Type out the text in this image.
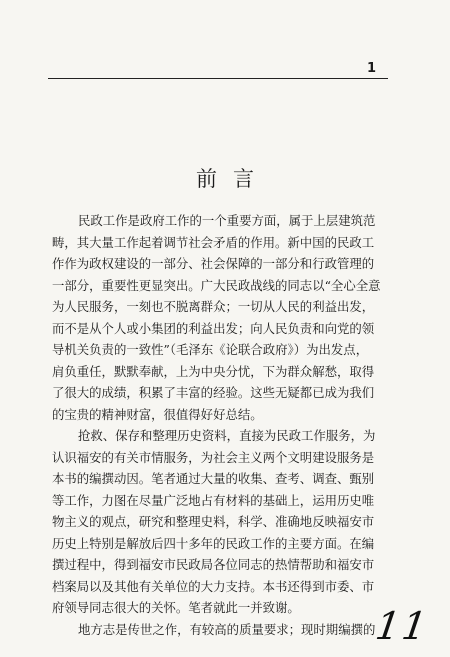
1
前言
民政工作是政府工作的一个重要方面，属于上层建筑范
畴，其大量工作起着调节社会矛盾的作用。新中国的民政工
作作为政权建设的一部分、社会保障的一部分和行政管理的
一部分，重要性更显突出。广大民政战线的同志以“全心全意
为人民服务，一刻也不脱离群众；一切从人民的利益出发，
而不是从个人或小集团的利益出发；向人民负责和向党的领
导机关负责的一致性”（毛泽东《论联合政府》）为出发点，
肩负重任，默默奉献，上为中央分忧，下为群众解愁，取得
了很大的成绩，积累了丰富的经验。这些无疑都已成为我们
的宝贵的精神财富，很值得好好总结。
抢救、保存和整理历史资料，直接为民政工作服务，为
认识福安的有关市情服务，为社会主义两个文明建设服务是
本书的编撰动因。笔者通过大量的收集、查考、调查、甄别
等工作，力图在尽量广泛地占有材料的基础上，运用历史唯
物主义的观点，研究和整理史料，科学、准确地反映福安市
历史上特别是解放后四十多年的民政工作的主要方面。在编
撰过程中，得到福安市民政局各位同志的热情帮助和福安市
档案局以及其他有关单位的大力支持。本书还得到市委、市
府领导同志很大的关怀。笔者就此一并致谢。
地方志是传世之作，有较高的质量要求；现时期编撰的
11
